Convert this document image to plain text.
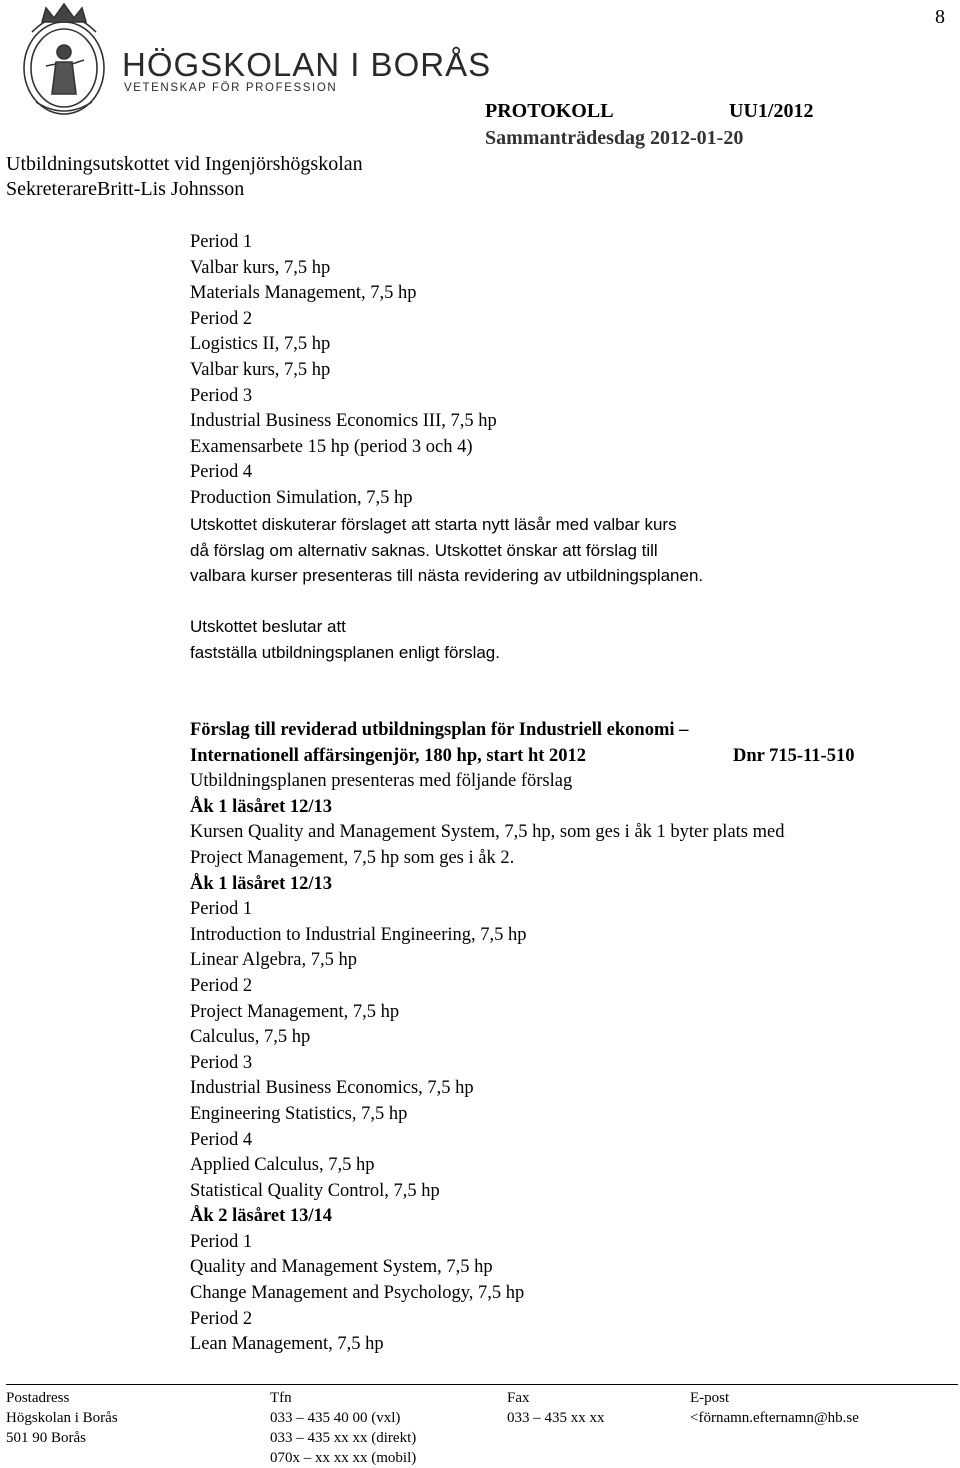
8
HÖGSKOLAN I BORÅS
VETENSKAP FÖR PROFESSION
Utbildningsutskottet vid Ingenjörshögskolan
SekreterareBritt-Lis Johnsson
PROTOKOLL	UU1/2012
Sammanträdesdag 2012-01-20
Period 1
Valbar kurs, 7,5 hp
Materials Management, 7,5 hp
Period 2
Logistics II, 7,5 hp
Valbar kurs, 7,5 hp
Period 3
Industrial Business Economics III, 7,5 hp
Examensarbete 15 hp (period 3 och 4)
Period 4
Production Simulation, 7,5 hp
Utskottet diskuterar förslaget att starta nytt läsår med valbar kurs
då förslag om alternativ saknas. Utskottet önskar att förslag till
valbara kurser presenteras till nästa revidering av utbildningsplanen.
Utskottet beslutar att
fastställa utbildningsplanen enligt förslag.
Förslag till reviderad utbildningsplan för Industriell ekonomi –
Internationell affärsingenjör, 180 hp, start ht 2012	Dnr 715-11-510
Utbildningsplanen presenteras med följande förslag
Åk 1 läsåret 12/13
Kursen Quality and Management System, 7,5 hp, som ges i åk 1 byter plats med
Project Management, 7,5 hp som ges i åk 2.
Åk 1 läsåret 12/13
Period 1
Introduction to Industrial Engineering, 7,5 hp
Linear Algebra, 7,5 hp
Period 2
Project Management, 7,5 hp
Calculus, 7,5 hp
Period 3
Industrial Business Economics, 7,5 hp
Engineering Statistics, 7,5 hp
Period 4
Applied Calculus, 7,5 hp
Statistical Quality Control, 7,5 hp
Åk 2 läsåret 13/14
Period 1
Quality and Management System, 7,5 hp
Change Management and Psychology, 7,5 hp
Period 2
Lean Management, 7,5 hp
Postadress
Högskolan i Borås
501 90 Borås
Tfn
033 – 435 40 00 (vxl)
033 – 435 xx xx (direkt)
070x – xx xx xx (mobil)
Fax
033 – 435 xx xx
E-post
<förnamn.efternamn@hb.se
